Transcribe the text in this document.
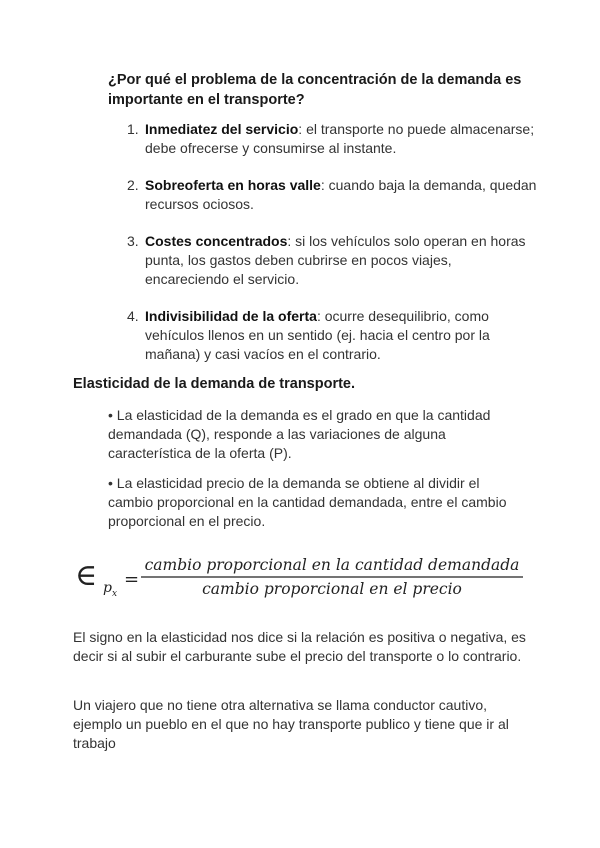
¿Por qué el problema de la concentración de la demanda es importante en el transporte?
1. Inmediatez del servicio: el transporte no puede almacenarse; debe ofrecerse y consumirse al instante.
2. Sobreoferta en horas valle: cuando baja la demanda, quedan recursos ociosos.
3. Costes concentrados: si los vehículos solo operan en horas punta, los gastos deben cubrirse en pocos viajes, encareciendo el servicio.
4. Indivisibilidad de la oferta: ocurre desequilibrio, como vehículos llenos en un sentido (ej. hacia el centro por la mañana) y casi vacíos en el contrario.
Elasticidad de la demanda de transporte.
• La elasticidad de la demanda es el grado en que la cantidad demandada (Q), responde a las variaciones de alguna característica de la oferta (P).
• La elasticidad precio de la demanda se obtiene al dividir el cambio proporcional en la cantidad demandada, entre el cambio proporcional en el precio.
∈ p x
=
cambio proporcional en la cantidad demandada
cambio proporcional en el precio
El signo en la elasticidad nos dice si la relación es positiva o negativa, es decir si al subir el carburante sube el precio del transporte o lo contrario.
Un viajero que no tiene otra alternativa se llama conductor cautivo, ejemplo un pueblo en el que no hay transporte publico y tiene que ir al trabajo
